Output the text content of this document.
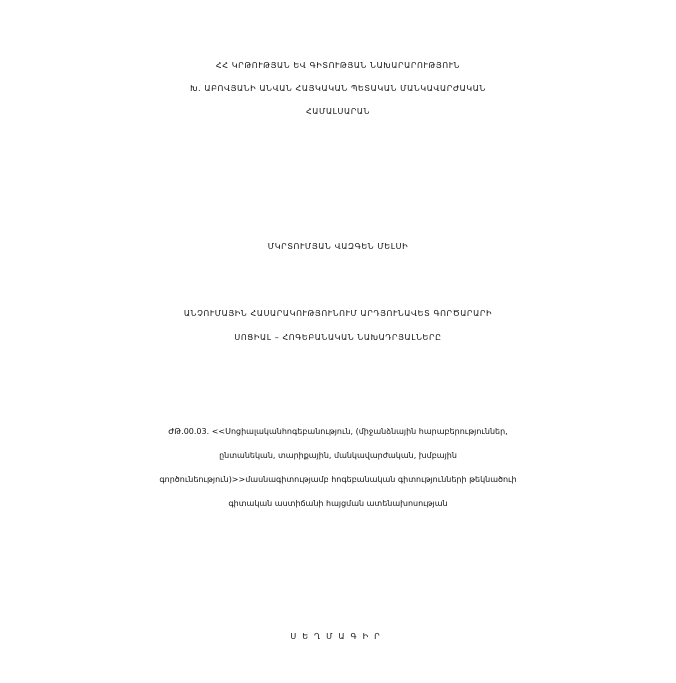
ՀՀ ԿՐԹՈՒԹՅԱՆ ԵՎ ԳԻՏՈՒԹՅԱՆ ՆԱԽԱՐԱՐՈՒԹՅՈՒՆ
Խ. ԱԲՈՎՅԱՆԻ ԱՆՎԱՆ ՀԱՅԿԱԿԱՆ ՊԵՏԱԿԱՆ ՄԱՆԿԱՎԱՐԺԱԿԱՆ
ՀԱՄԱԼՍԱՐԱՆ
ՄԿՐՏՈՒՄՅԱՆ ՎԱԶԳԵՆ ՄԵԼՍԻ
ԱՆՉՈՒՄԱՅԻՆ ՀԱՍԱՐԱԿՈՒԹՅՈՒՆՈՒՄ ԱՐԴՅՈՒՆԱՎԵՏ ԳՈՐԾԱՐԱՐԻ
ՍՈՑԻԱԼ – ՀՈԳԵԲԱՆԱԿԱՆ ՆԱԽԱԴՐՅԱԼՆԵՐԸ
ԺԹ.00.03. <<Սոցիալականհոգեբանություն, (միջանձնային հարաբերություններ,
ընտանեկան, տարիքային, մանկավարժական, խմբային
գործունեություն)>>մասնագիտությամբ հոգեբանական գիտությունների թեկնածուի
գիտական աստիճանի հայցման ատենախոսության
ՍԵՂՄԱԳԻՐ
